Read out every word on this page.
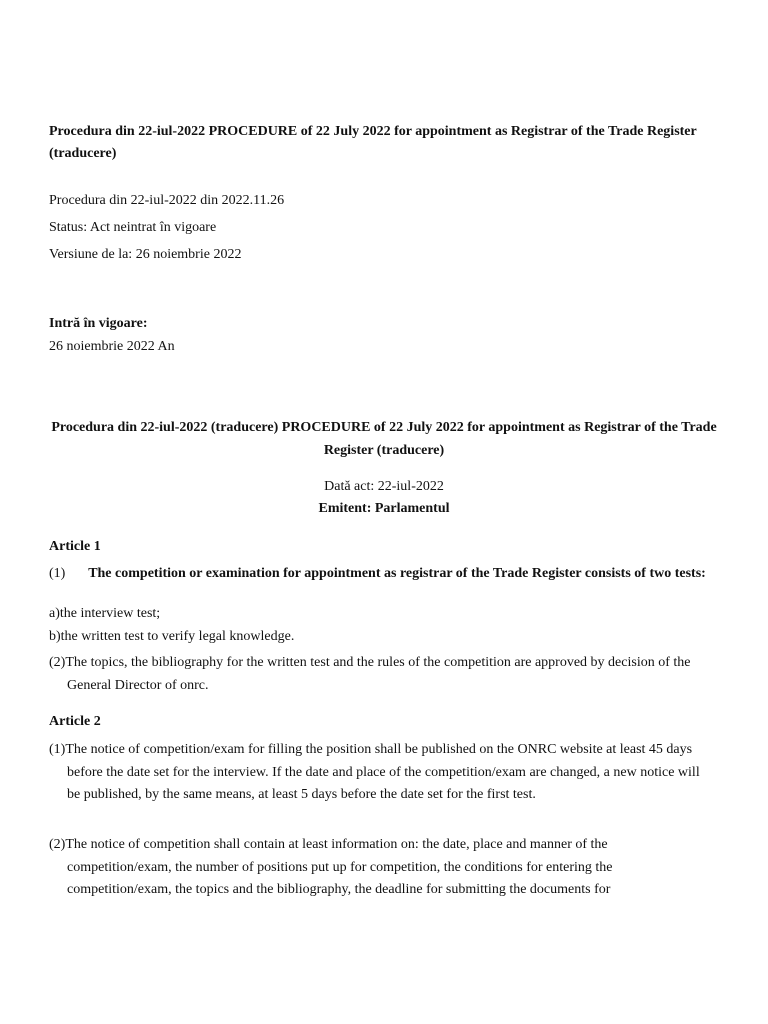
Procedura din 22-iul-2022 PROCEDURE of 22 July 2022 for appointment as Registrar of the Trade Register (traducere)
Procedura din 22-iul-2022 din 2022.11.26
Status: Act neintrat în vigoare
Versiune de la: 26 noiembrie 2022
Intră în vigoare:
26 noiembrie 2022 An
Procedura din 22-iul-2022 (traducere) PROCEDURE of 22 July 2022 for appointment as Registrar of the Trade Register (traducere)
Dată act: 22-iul-2022
Emitent: Parlamentul
Article 1
(1)	The competition or examination for appointment as registrar of the Trade Register consists of two tests:
a)the interview test;
b)the written test to verify legal knowledge.
(2)The topics, the bibliography for the written test and the rules of the competition are approved by decision of the General Director of onrc.
Article 2
(1)The notice of competition/exam for filling the position shall be published on the ONRC website at least 45 days before the date set for the interview. If the date and place of the competition/exam are changed, a new notice will be published, by the same means, at least 5 days before the date set for the first test.
(2)The notice of competition shall contain at least information on: the date, place and manner of the competition/exam, the number of positions put up for competition, the conditions for entering the competition/exam, the topics and the bibliography, the deadline for submitting the documents for
